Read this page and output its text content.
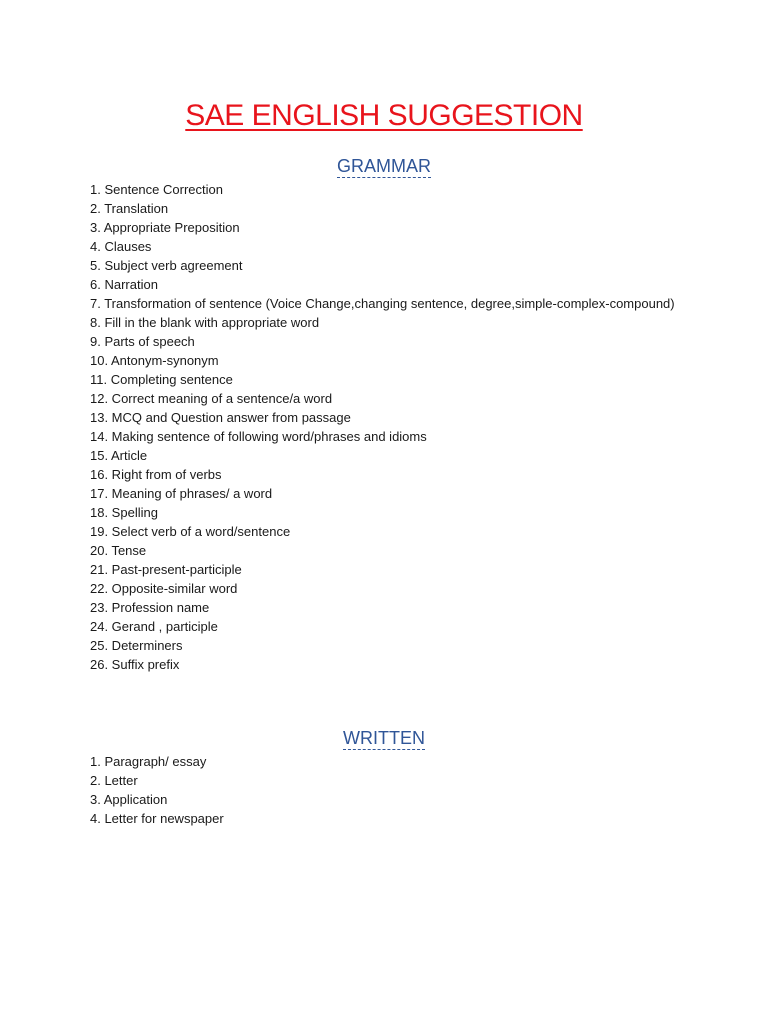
SAE ENGLISH SUGGESTION
GRAMMAR
1. Sentence Correction
2. Translation
3. Appropriate Preposition
4. Clauses
5. Subject verb agreement
6. Narration
7. Transformation of sentence (Voice Change,changing sentence, degree,simple-complex-compound)
8. Fill in the blank with appropriate word
9. Parts of speech
10. Antonym-synonym
11. Completing sentence
12. Correct meaning of a sentence/a word
13. MCQ and Question answer from passage
14. Making sentence of following word/phrases and idioms
15. Article
16. Right from of verbs
17. Meaning of phrases/ a word
18. Spelling
19. Select verb of a word/sentence
20. Tense
21. Past-present-participle
22. Opposite-similar word
23. Profession name
24. Gerand , participle
25. Determiners
26. Suffix prefix
WRITTEN
1. Paragraph/ essay
2. Letter
3. Application
4. Letter for newspaper
